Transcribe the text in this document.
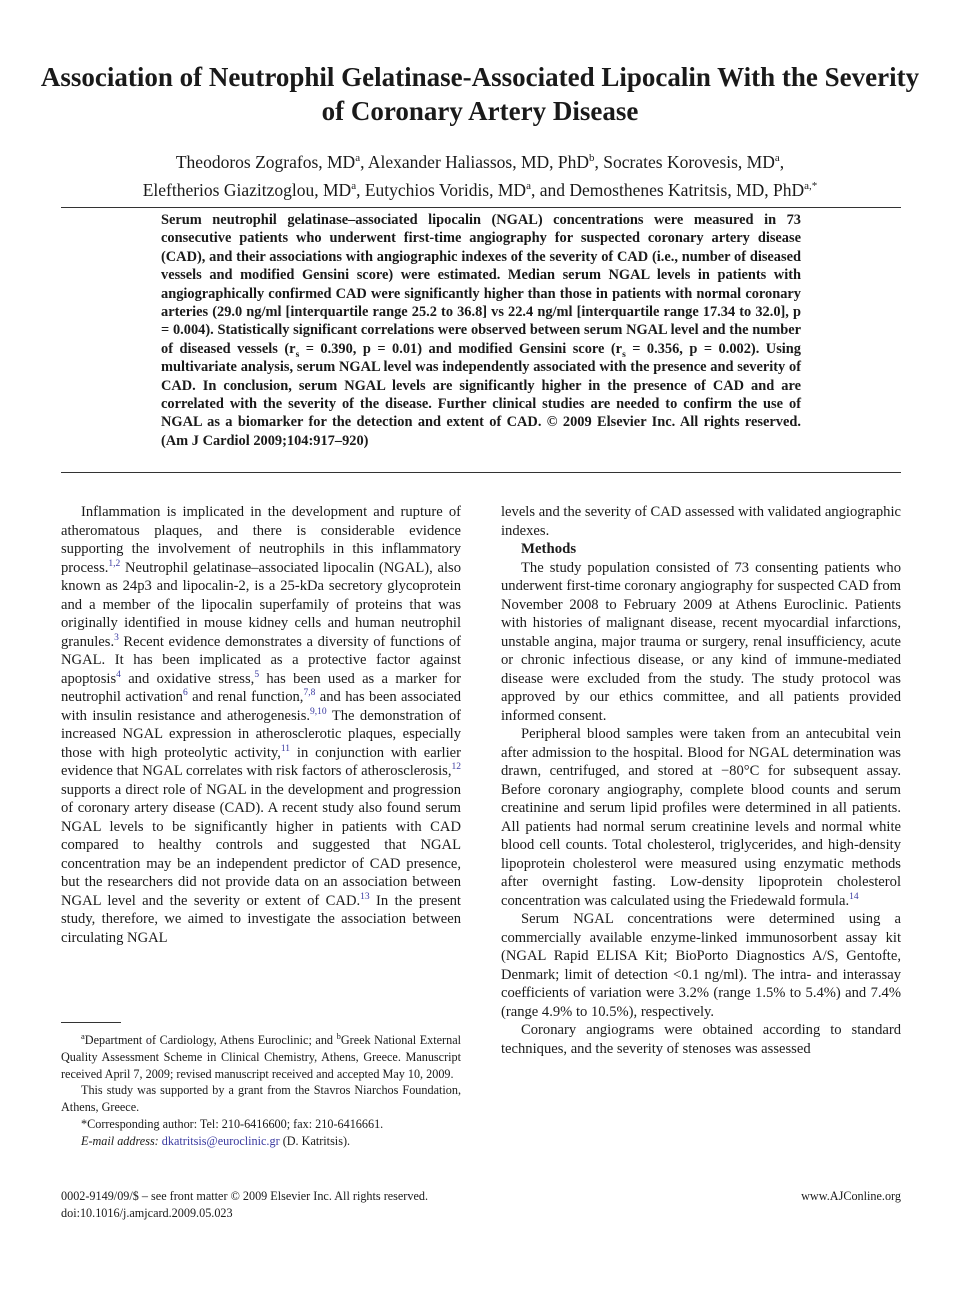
Association of Neutrophil Gelatinase-Associated Lipocalin With the Severity of Coronary Artery Disease

Theodoros Zografos, $MD^a$, Alexander Haliassos, MD, PhD$^b$, Socrates Korovesis, $MD^a$,
Eleftherios Giazitzoglou, $MD^a$, Eutychios Voridis, $MD^a$, and Demosthenes Katritsis, MD, PhD$^{a,*}$

Serum neutrophil gelatinase–associated lipocalin (NGAL) concentrations were measured in 73 consecutive patients who underwent first-time angiography for suspected coronary artery disease (CAD), and their associations with angiographic indexes of the severity of CAD (i.e., number of diseased vessels and modified Gensini score) were estimated. Median serum NGAL levels in patients with angiographically confirmed CAD were significantly higher than those in patients with normal coronary arteries (29.0 ng/ml [interquartile range 25.2 to 36.8] vs 22.4 ng/ml [interquartile range 17.34 to 32.0], p = 0.004). Statistically significant correlations were observed between serum NGAL level and the number of diseased vessels ($r_s = 0.390$, p = 0.01) and modified Gensini score ($r_s = 0.356$, p = 0.002). Using multivariate analysis, serum NGAL level was independently associated with the presence and severity of CAD. In conclusion, serum NGAL levels are significantly higher in the presence of CAD and are correlated with the severity of the disease. Further clinical studies are needed to confirm the use of NGAL as a biomarker for the detection and extent of CAD. © 2009 Elsevier Inc. All rights reserved. (Am J Cardiol 2009;104:917–920)

Inflammation is implicated in the development and rupture of atheromatous plaques, and there is considerable evidence supporting the involvement of neutrophils in this inflammatory process.$^{1,2}$ Neutrophil gelatinase–associated lipocalin (NGAL), also known as 24p3 and lipocalin-2, is a 25-kDa secretory glycoprotein and a member of the lipocalin superfamily of proteins that was originally identified in mouse kidney cells and human neutrophil granules.$^3$ Recent evidence demonstrates a diversity of functions of NGAL. It has been implicated as a protective factor against apoptosis$^4$ and oxidative stress,$^5$ has been used as a marker for neutrophil activation$^6$ and renal function,$^{7,8}$ and has been associated with insulin resistance and atherogenesis.$^{9,10}$ The demonstration of increased NGAL expression in atherosclerotic plaques, especially those with high proteolytic activity,$^{11}$ in conjunction with earlier evidence that NGAL correlates with risk factors of atherosclerosis,$^{12}$ supports a direct role of NGAL in the development and progression of coronary artery disease (CAD). A recent study also found serum NGAL levels to be significantly higher in patients with CAD compared to healthy controls and suggested that NGAL concentration may be an independent predictor of CAD presence, but the researchers did not provide data on an association between NGAL level and the severity or extent of CAD.$^{13}$ In the present study, therefore, we aimed to investigate the association between circulating NGAL

levels and the severity of CAD assessed with validated angiographic indexes.

Methods

The study population consisted of 73 consenting patients who underwent first-time coronary angiography for suspected CAD from November 2008 to February 2009 at Athens Euroclinic. Patients with histories of malignant disease, recent myocardial infarctions, unstable angina, major trauma or surgery, renal insufficiency, acute or chronic infectious disease, or any kind of immune-mediated disease were excluded from the study. The study protocol was approved by our ethics committee, and all patients provided informed consent.

Peripheral blood samples were taken from an antecubital vein after admission to the hospital. Blood for NGAL determination was drawn, centrifuged, and stored at −80°C for subsequent assay. Before coronary angiography, complete blood counts and serum creatinine and serum lipid profiles were determined in all patients. All patients had normal serum creatinine levels and normal white blood cell counts. Total cholesterol, triglycerides, and high-density lipoprotein cholesterol were measured using enzymatic methods after overnight fasting. Low-density lipoprotein cholesterol concentration was calculated using the Friedewald formula.$^{14}$

Serum NGAL concentrations were determined using a commercially available enzyme-linked immunosorbent assay kit (NGAL Rapid ELISA Kit; BioPorto Diagnostics A/S, Gentofte, Denmark; limit of detection <0.1 ng/ml). The intra- and interassay coefficients of variation were 3.2% (range 1.5% to 5.4%) and 7.4% (range 4.9% to 10.5%), respectively.

Coronary angiograms were obtained according to standard techniques, and the severity of stenoses was assessed

$^a$Department of Cardiology, Athens Euroclinic; and $^b$Greek National External Quality Assessment Scheme in Clinical Chemistry, Athens, Greece. Manuscript received April 7, 2009; revised manuscript received and accepted May 10, 2009.

This study was supported by a grant from the Stavros Niarchos Foundation, Athens, Greece.

*Corresponding author: Tel: 210-6416600; fax: 210-6416661.

E-mail address: dkatritsis@euroclinic.gr (D. Katritsis).

0002-9149/09/$ – see front matter © 2009 Elsevier Inc. All rights reserved.
doi:10.1016/j.amjcard.2009.05.023
www.AJConline.org
